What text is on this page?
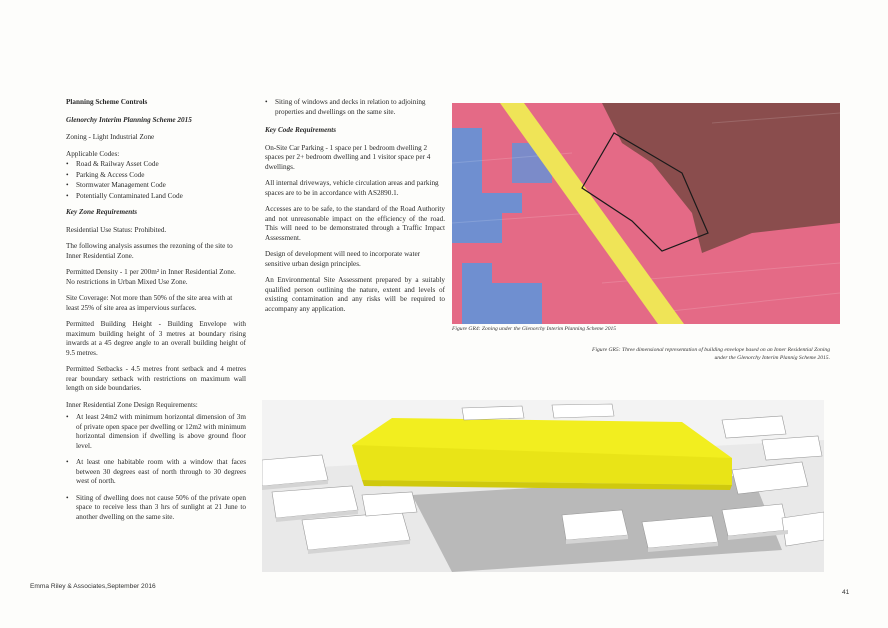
Planning Scheme Controls

Glenorchy Interim Planning Scheme 2015

Zoning - Light Industrial Zone

Applicable Codes:

• Road & Railway Asset Code
• Parking & Access Code
• Stormwater Management Code
• Potentially Contaminated Land Code

Key Zone Requirements

Residential Use Status: Prohibited.

The following analysis assumes the rezoning of the site to Inner Residential Zone.

Permitted Density - 1 per 200m² in Inner Residential Zone. No restrictions in Urban Mixed Use Zone.

Site Coverage: Not more than 50% of the site area with at least 25% of site area as impervious surfaces.

Permitted Building Height - Building Envelope with maximum building height of 3 metres at boundary rising inwards at a 45 degree angle to an overall building height of 9.5 metres.

Permitted Setbacks - 4.5 metres front setback and 4 metres rear boundary setback with restrictions on maximum wall length on side boundaries.

Inner Residential Zone Design Requirements:

• At least 24m2 with minimum horizontal dimension of 3m of private open space per dwelling or 12m2 with minimum horizontal dimension if dwelling is above ground floor level.
• At least one habitable room with a window that faces between 30 degrees east of north through to 30 degrees west of north.
• Siting of dwelling does not cause 50% of the private open space to receive less than 3 hrs of sunlight at 21 June to another dwelling on the same site.
• Siting of windows and decks in relation to adjoining properties and dwellings on the same site.

Key Code Requirements

On-Site Car Parking - 1 space per 1 bedroom dwelling 2 spaces per 2+ bedroom dwelling and 1 visitor space per 4 dwellings.

All internal driveways, vehicle circulation areas and parking spaces are to be in accordance with AS2890.1.

Accesses are to be safe, to the standard of the Road Authority and not unreasonable impact on the efficiency of the road. This will need to be demonstrated through a Traffic Impact Assessment.

Design of development will need to incorporate water sensitive urban design principles.

An Environmental Site Assessment prepared by a suitably qualified person outlining the nature, extent and levels of existing contamination and any risks will be required to accompany any application.

Figure GR4: Zoning under the Glenorchy Interim Planning Scheme 2015
Figure GR5: Three dimensional representation of building envelope based on an Inner Residential Zoning under the Glenorchy Interim Plannig Scheme 2015.
Emma Riley & Associates,September 2016
41
